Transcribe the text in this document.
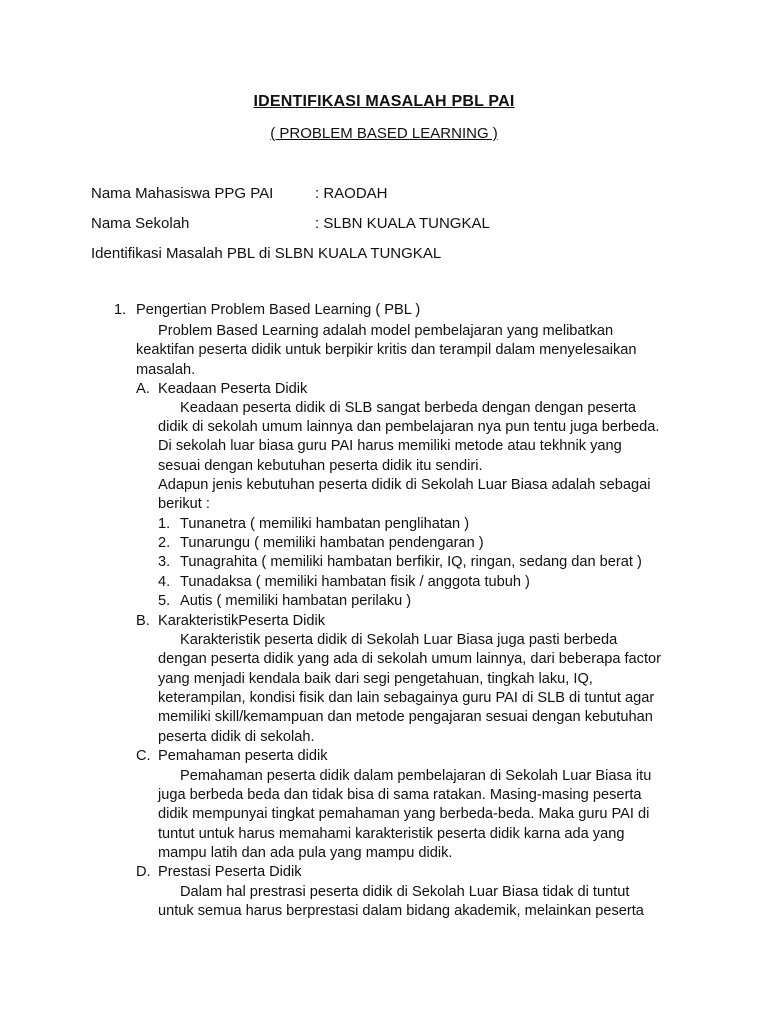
IDENTIFIKASI MASALAH PBL PAI
( PROBLEM BASED LEARNING )
Nama Mahasiswa PPG PAI	: RAODAH
Nama Sekolah	: SLBN KUALA TUNGKAL
Identifikasi Masalah PBL di SLBN KUALA TUNGKAL
1. Pengertian Problem Based Learning ( PBL )
Problem Based Learning adalah model pembelajaran yang melibatkan
keaktifan peserta didik untuk berpikir kritis dan terampil dalam menyelesaikan
masalah.
A. Keadaan Peserta Didik
Keadaan peserta didik di SLB sangat berbeda dengan dengan peserta
didik di sekolah umum lainnya dan pembelajaran nya pun tentu juga berbeda.
Di sekolah luar biasa guru PAI harus memiliki metode atau tekhnik yang
sesuai dengan kebutuhan peserta didik itu sendiri.
Adapun jenis kebutuhan peserta didik di Sekolah Luar Biasa adalah sebagai
berikut :
1. Tunanetra ( memiliki hambatan penglihatan )
2. Tunarungu ( memiliki hambatan pendengaran )
3. Tunagrahita ( memiliki hambatan berfikir, IQ, ringan, sedang dan berat )
4. Tunadaksa ( memiliki hambatan fisik / anggota tubuh )
5. Autis ( memiliki hambatan perilaku )
B. KarakteristikPeserta Didik
Karakteristik peserta didik di Sekolah Luar Biasa juga pasti berbeda
dengan peserta didik yang ada di sekolah umum lainnya, dari beberapa factor
yang menjadi kendala baik dari segi pengetahuan, tingkah laku, IQ,
keterampilan, kondisi fisik dan lain sebagainya guru PAI di SLB di tuntut agar
memiliki skill/kemampuan dan metode pengajaran sesuai dengan kebutuhan
peserta didik di sekolah.
C. Pemahaman peserta didik
Pemahaman peserta didik dalam pembelajaran di Sekolah Luar Biasa itu
juga berbeda beda dan tidak bisa di sama ratakan. Masing-masing peserta
didik mempunyai tingkat pemahaman yang berbeda-beda. Maka guru PAI di
tuntut untuk harus memahami karakteristik peserta didik karna ada yang
mampu latih dan ada pula yang mampu didik.
D. Prestasi Peserta Didik
Dalam hal prestrasi peserta didik di Sekolah Luar Biasa tidak di tuntut
untuk semua harus berprestasi dalam bidang akademik, melainkan peserta
